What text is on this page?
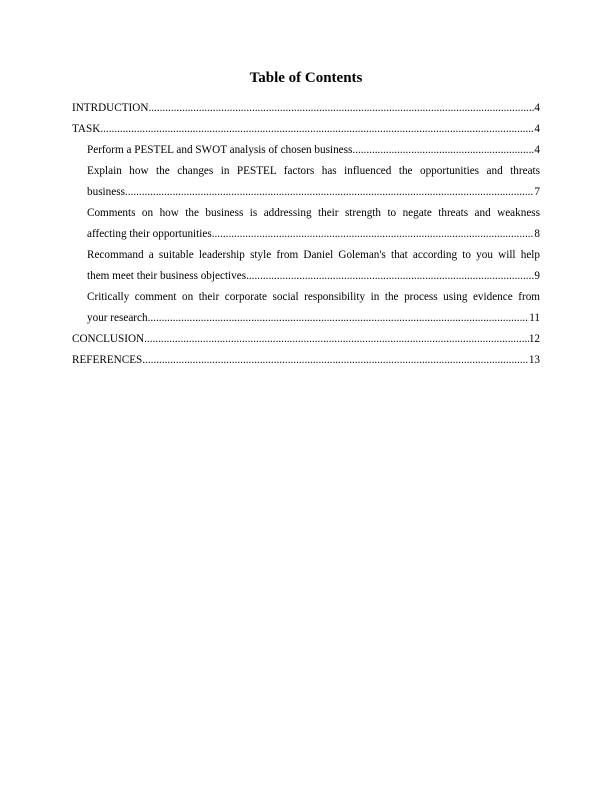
Table of Contents
INTRDUCTION .....	4
TASK .....	4
Perform a PESTEL and SWOT analysis of chosen business .....	4
Explain how the changes in PESTEL factors has influenced the opportunities and threats
business .....	7
Comments on how the business is addressing their strength to negate threats and weakness
affecting their opportunities .....	8
Recommand a suitable leadership style from Daniel Goleman's that according to you will help
them meet their business objectives .....	9
Critically comment on their corporate social responsibility in the process using evidence from
your research .....	11
CONCLUSION .....	12
REFERENCES .....	13
